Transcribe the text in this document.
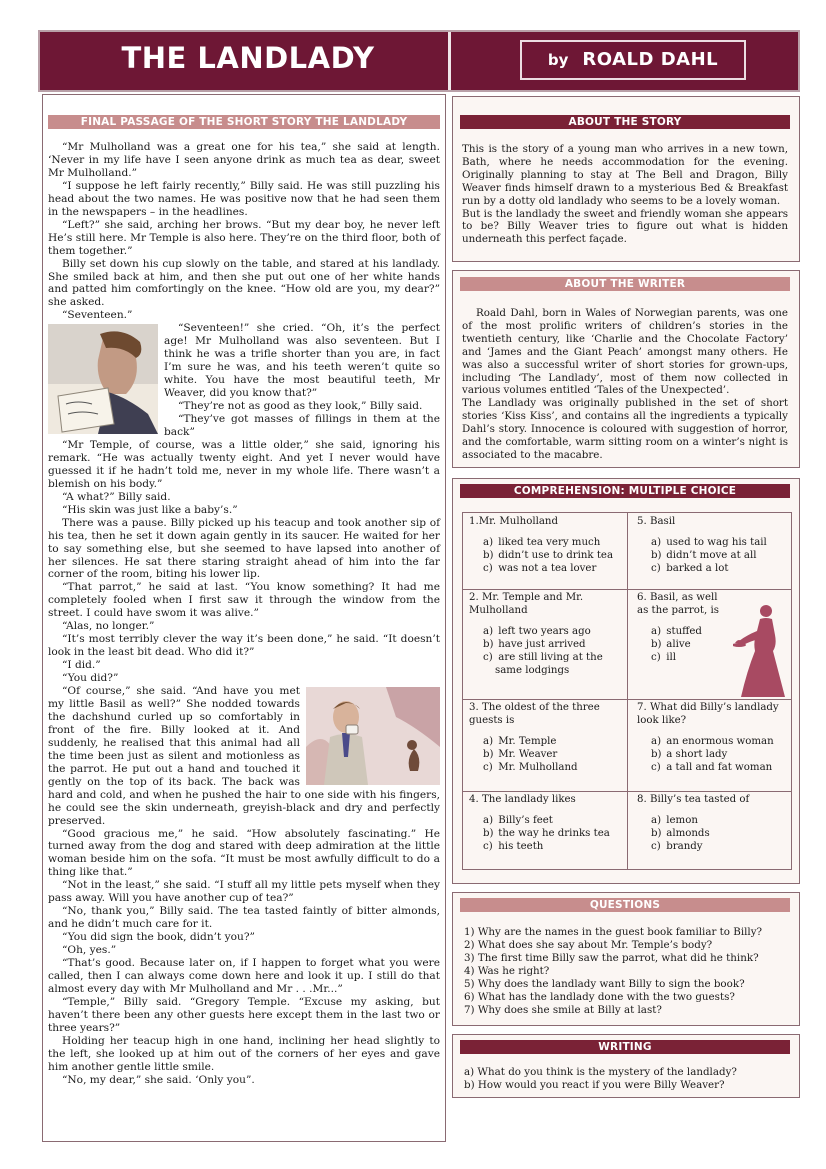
THE LANDLADY	by ROALD DAHL
FINAL PASSAGE OF THE SHORT STORY THE LANDLADY

“Mr Mulholland was a great one for his tea,” she said at length. ‘Never in my life have I seen anyone drink as much tea as dear, sweet Mr Mulholland.”

“I suppose he left fairly recently,” Billy said. He was still puzzling his head about the two names. He was positive now that he had seen them in the newspapers – in the headlines.

“Left?” she said, arching her brows. “But my dear boy, he never left He’s still here. Mr Temple is also here. They’re on the third floor, both of them together.”

Billy set down his cup slowly on the table, and stared at his landlady. She smiled back at him, and then she put out one of her white hands and patted him comfortingly on the knee. “How old are you, my dear?” she asked.

“Seventeen.”

“Seventeen!” she cried. “Oh, it’s the perfect age! Mr Mulholland was also seventeen. But I think he was a trifle shorter than you are, in fact I’m sure he was, and his teeth weren’t quite so white. You have the most beautiful teeth, Mr Weaver, did you know that?”

“They’re not as good as they look,” Billy said.

“They’ve got masses of fillings in them at the back”

“Mr Temple, of course, was a little older,” she said, ignoring his remark. “He was actually twenty eight. And yet I never would have guessed it if he hadn’t told me, never in my whole life. There wasn’t a blemish on his body.”

“A what?” Billy said.

“His skin was just like a baby’s.”

There was a pause. Billy picked up his teacup and took another sip of his tea, then he set it down again gently in its saucer. He waited for her to say something else, but she seemed to have lapsed into another of her silences. He sat there staring straight ahead of him into the far corner of the room, biting his lower lip.

“That parrot,” he said at last. “You know something? It had me completely fooled when I first saw it through the window from the street. I could have swom it was alive.”

“Alas, no longer.”

“It’s most terribly clever the way it’s been done,” he said. “It doesn’t look in the least bit dead. Who did it?”

“I did.”

“You did?”

“Of course,” she said. “And have you met my little Basil as well?” She nodded towards the dachshund curled up so comfortably in front of the fire. Billy looked at it. And suddenly, he realised that this animal had all the time been just as silent and motionless as the parrot. He put out a hand and touched it gently on the top of its back. The back was hard and cold, and when he pushed the hair to one side with his fingers, he could see the skin underneath, greyish-black and dry and perfectly preserved.

“Good gracious me,” he said. “How absolutely fascinating.” He turned away from the dog and stared with deep admiration at the little woman beside him on the sofa. “It must be most awfully difficult to do a thing like that.”

“Not in the least,” she said. “I stuff all my little pets myself when they pass away. Will you have another cup of tea?”

“No, thank you,” Billy said. The tea tasted faintly of bitter almonds, and he didn’t much care for it.

“You did sign the book, didn’t you?”

“Oh, yes.”

“That’s good. Because later on, if I happen to forget what you were called, then I can always come down here and look it up. I still do that almost every day with Mr Mulholland and Mr . . .Mr...”

“Temple,” Billy said. “Gregory Temple. “Excuse my asking, but haven’t there been any other guests here except them in the last two or three years?”

Holding her teacup high in one hand, inclining her head slightly to the left, she looked up at him out of the corners of her eyes and gave him another gentle little smile.

“No, my dear,” she said. ‘Only you”.

ABOUT THE STORY

This is the story of a young man who arrives in a new town, Bath, where he needs accommodation for the evening. Originally planning to stay at The Bell and Dragon, Billy Weaver finds himself drawn to a mysterious Bed & Breakfast run by a dotty old landlady who seems to be a lovely woman.

But is the landlady the sweet and friendly woman she appears to be? Billy Weaver tries to figure out what is hidden underneath this perfect façade.

ABOUT THE WRITER

Roald Dahl, born in Wales of Norwegian parents, was one of the most prolific writers of children’s stories in the twentieth century, like ‘Charlie and the Chocolate Factory’ and ‘James and the Giant Peach’ amongst many others. He was also a successful writer of short stories for grown-ups, including ‘The Landlady’, most of them now collected in various volumes entitled ‘Tales of the Unexpected’.

The Landlady was originally published in the set of short stories ‘Kiss Kiss’, and contains all the ingredients a typically Dahl’s story. Innocence is coloured with suggestion of horror, and the comfortable, warm sitting room on a winter’s night is associated to the macabre.

COMPREHENSION: MULTIPLE CHOICE
1.Mr. Mulholland
a) liked tea very much
b) didn’t use to drink tea
c) was not a tea lover
5. Basil
a) used to wag his tail
b) didn’t move at all
c) barked a lot
2. Mr. Temple and Mr. Mulholland
a) left two years ago
b) have just arrived
c) are still living at the same lodgings
6. Basil, as well as the parrot, is
a) stuffed
b) alive
c) ill
3. The oldest of the three guests is
a) Mr. Temple
b) Mr. Weaver
c) Mr. Mulholland
7. What did Billy’s landlady look like?
a) an enormous woman
b) a short lady
c) a tall and fat woman
4. The landlady likes
a) Billy’s feet
b) the way he drinks tea
c) his teeth
8. Billy’s tea tasted of
a) lemon
b) almonds
c) brandy
QUESTIONS
1) Why are the names in the guest book familiar to Billy?
2) What does she say about Mr. Temple’s body?
3) The first time Billy saw the parrot, what did he think?
4) Was he right?
5) Why does the landlady want Billy to sign the book?
6) What has the landlady done with the two guests?
7) Why does she smile at Billy at last?
WRITING
a) What do you think is the mystery of the landlady?
b) How would you react if you were Billy Weaver?
